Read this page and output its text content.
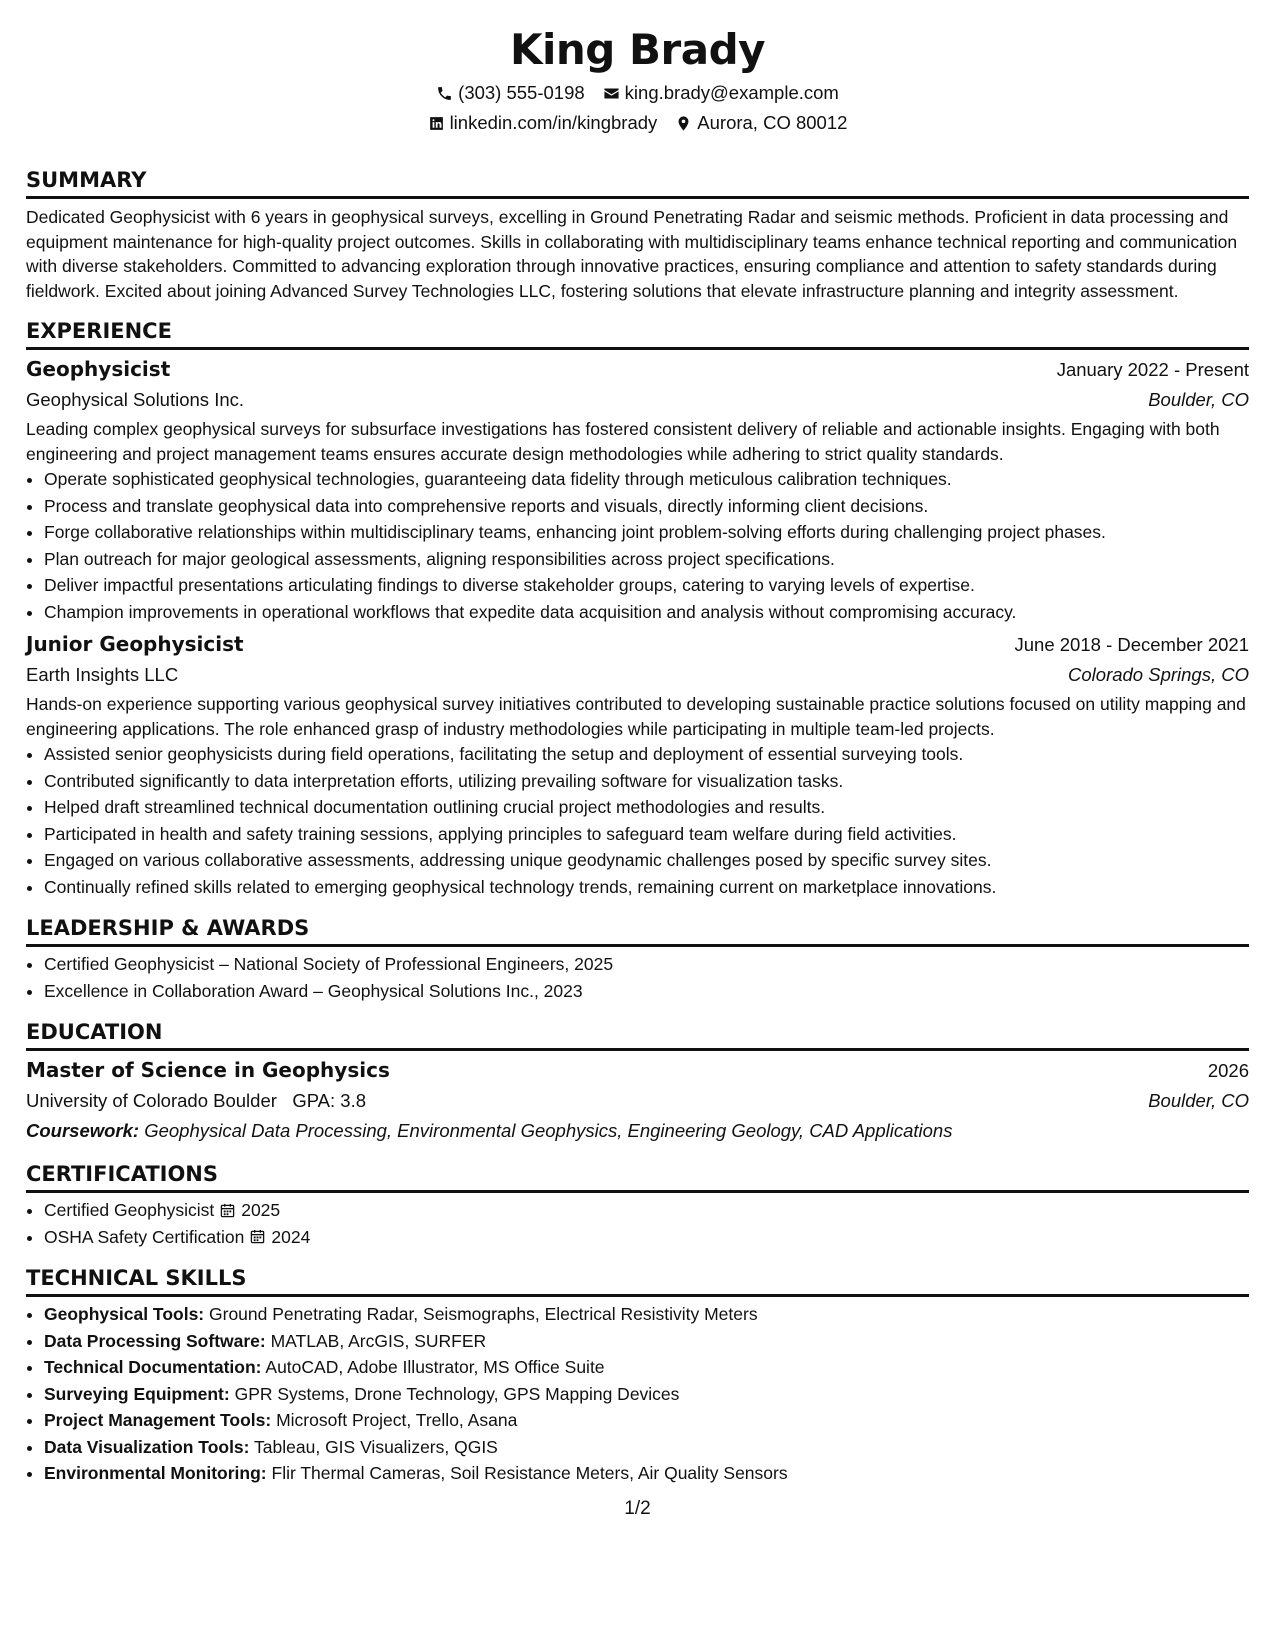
King Brady
(303) 555-0198 king.brady@example.com
linkedin.com/in/kingbrady Aurora, CO 80012
SUMMARY

Dedicated Geophysicist with 6 years in geophysical surveys, excelling in Ground Penetrating Radar and seismic methods. Proficient in data processing and equipment maintenance for high-quality project outcomes. Skills in collaborating with multidisciplinary teams enhance technical reporting and communication with diverse stakeholders. Committed to advancing exploration through innovative practices, ensuring compliance and attention to safety standards during fieldwork. Excited about joining Advanced Survey Technologies LLC, fostering solutions that elevate infrastructure planning and integrity assessment.

EXPERIENCE
Geophysicist	January 2022 - Present
Geophysical Solutions Inc.	Boulder, CO

Leading complex geophysical surveys for subsurface investigations has fostered consistent delivery of reliable and actionable insights. Engaging with both engineering and project management teams ensures accurate design methodologies while adhering to strict quality standards.

• Operate sophisticated geophysical technologies, guaranteeing data fidelity through meticulous calibration techniques.
• Process and translate geophysical data into comprehensive reports and visuals, directly informing client decisions.
• Forge collaborative relationships within multidisciplinary teams, enhancing joint problem-solving efforts during challenging project phases.
• Plan outreach for major geological assessments, aligning responsibilities across project specifications.
• Deliver impactful presentations articulating findings to diverse stakeholder groups, catering to varying levels of expertise.
• Champion improvements in operational workflows that expedite data acquisition and analysis without compromising accuracy.
Junior Geophysicist	June 2018 - December 2021
Earth Insights LLC	Colorado Springs, CO

Hands-on experience supporting various geophysical survey initiatives contributed to developing sustainable practice solutions focused on utility mapping and engineering applications. The role enhanced grasp of industry methodologies while participating in multiple team-led projects.

• Assisted senior geophysicists during field operations, facilitating the setup and deployment of essential surveying tools.
• Contributed significantly to data interpretation efforts, utilizing prevailing software for visualization tasks.
• Helped draft streamlined technical documentation outlining crucial project methodologies and results.
• Participated in health and safety training sessions, applying principles to safeguard team welfare during field activities.
• Engaged on various collaborative assessments, addressing unique geodynamic challenges posed by specific survey sites.
• Continually refined skills related to emerging geophysical technology trends, remaining current on marketplace innovations.
LEADERSHIP & AWARDS
• Certified Geophysicist – National Society of Professional Engineers, 2025
• Excellence in Collaboration Award – Geophysical Solutions Inc., 2023
EDUCATION
Master of Science in Geophysics	2026
University of Colorado Boulder GPA: 3.8	Boulder, CO
Coursework: Geophysical Data Processing, Environmental Geophysics, Engineering Geology, CAD Applications
CERTIFICATIONS
• Certified Geophysicist 2025
• OSHA Safety Certification 2024
TECHNICAL SKILLS
• Geophysical Tools: Ground Penetrating Radar, Seismographs, Electrical Resistivity Meters
• Data Processing Software: MATLAB, ArcGIS, SURFER
• Technical Documentation: AutoCAD, Adobe Illustrator, MS Office Suite
• Surveying Equipment: GPR Systems, Drone Technology, GPS Mapping Devices
• Project Management Tools: Microsoft Project, Trello, Asana
• Data Visualization Tools: Tableau, GIS Visualizers, QGIS
• Environmental Monitoring: Flir Thermal Cameras, Soil Resistance Meters, Air Quality Sensors
1/2
